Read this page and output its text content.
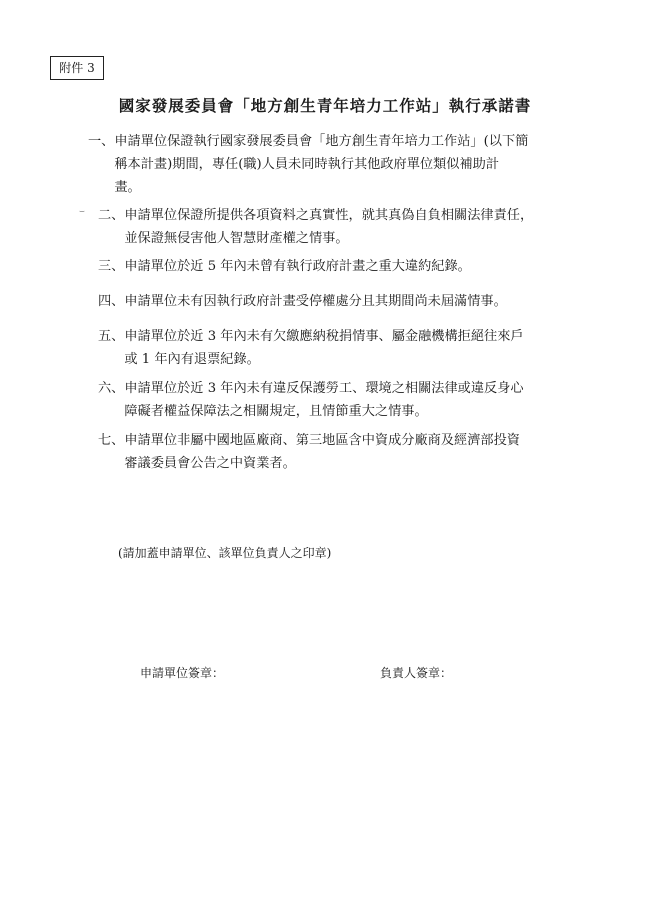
附件 3
國家發展委員會「地方創生青年培力工作站」執行承諾書
⌣
一、 申請單位保證執行國家發展委員會「地方創生青年培力工作站」(以下簡
稱本計畫)期間，專任(職)人員未同時執行其他政府單位類似補助計
畫。
二、 申請單位保證所提供各項資料之真實性，就其真偽自負相關法律責任，
並保證無侵害他人智慧財產權之情事。
三、 申請單位於近 5 年內未曾有執行政府計畫之重大違約紀錄。
四、 申請單位未有因執行政府計畫受停權處分且其期間尚未屆滿情事。
五、 申請單位於近 3 年內未有欠繳應納稅捐情事、屬金融機構拒絕往來戶
或 1 年內有退票紀錄。
六、 申請單位於近 3 年內未有違反保護勞工、環境之相關法律或違反身心
障礙者權益保障法之相關規定，且情節重大之情事。
七、 申請單位非屬中國地區廠商、第三地區含中資成分廠商及經濟部投資
審議委員會公告之中資業者。
(請加蓋申請單位、該單位負責人之印章)
申請單位簽章：	負責人簽章：
